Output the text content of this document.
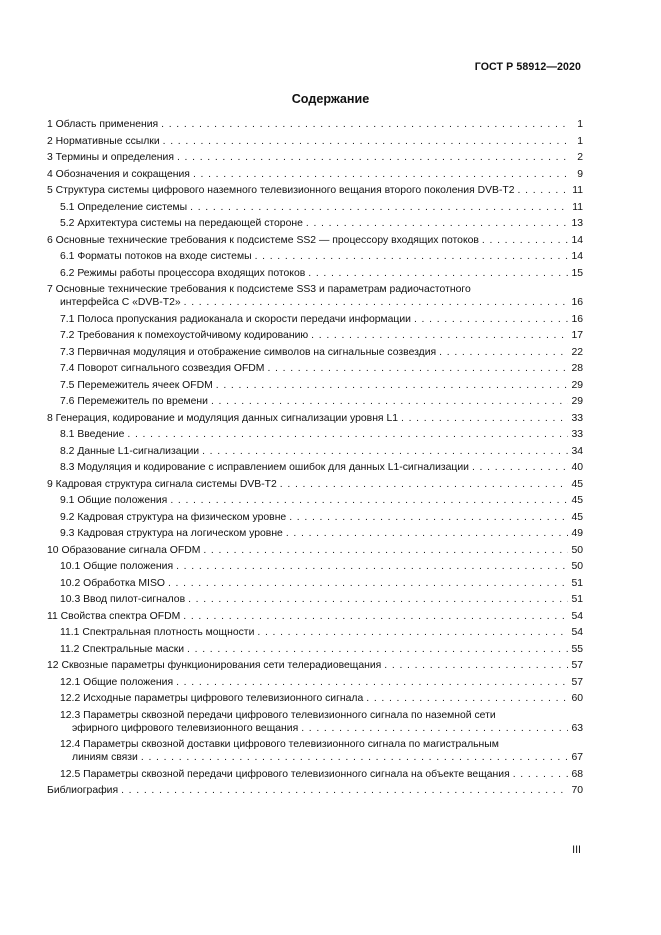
ГОСТ Р 58912—2020
Содержание
1 Область применения . . .	1
2 Нормативные ссылки . . .	1
3 Термины и определения . . .	2
4 Обозначения и сокращения . . .	9
5 Структура системы цифрового наземного телевизионного вещания второго поколения DVB-T2 . . .	11
5.1 Определение системы . . .	11
5.2 Архитектура системы на передающей стороне . . .	13
6 Основные технические требования к подсистеме SS2 — процессору входящих потоков . . .	14
6.1 Форматы потоков на входе системы . . .	14
6.2 Режимы работы процессора входящих потоков . . .	15
7 Основные технические требования к подсистеме SS3 и параметрам радиочастотного
интерфейса С «DVB-T2» . . .	16
7.1 Полоса пропускания радиоканала и скорости передачи информации . . .	16
7.2 Требования к помехоустойчивому кодированию . . .	17
7.3 Первичная модуляция и отображение символов на сигнальные созвездия . . .	22
7.4 Поворот сигнального созвездия OFDM . . .	28
7.5 Перемежитель ячеек OFDM . . .	29
7.6 Перемежитель по времени . . .	29
8 Генерация, кодирование и модуляция данных сигнализации уровня L1 . . .	33
8.1 Введение . . .	33
8.2 Данные L1-сигнализации . . .	34
8.3 Модуляция и кодирование с исправлением ошибок для данных L1-сигнализации . . .	40
9 Кадровая структура сигнала системы DVB-T2 . . .	45
9.1 Общие положения . . .	45
9.2 Кадровая структура на физическом уровне . . .	45
9.3 Кадровая структура на логическом уровне . . .	49
10 Образование сигнала OFDM . . .	50
10.1 Общие положения . . .	50
10.2 Обработка MISO . . .	51
10.3 Ввод пилот-сигналов . . .	51
11 Свойства спектра OFDM . . .	54
11.1 Спектральная плотность мощности . . .	54
11.2 Спектральные маски . . .	55
12 Сквозные параметры функционирования сети телерадиовещания . . .	57
12.1 Общие положения . . .	57
12.2 Исходные параметры цифрового телевизионного сигнала . . .	60
12.3 Параметры сквозной передачи цифрового телевизионного сигнала по наземной сети
эфирного цифрового телевизионного вещания . . .	63
12.4 Параметры сквозной доставки цифрового телевизионного сигнала по магистральным
линиям связи . . .	67
12.5 Параметры сквозной передачи цифрового телевизионного сигнала на объекте вещания . . .	68
Библиография . . .	70
III
